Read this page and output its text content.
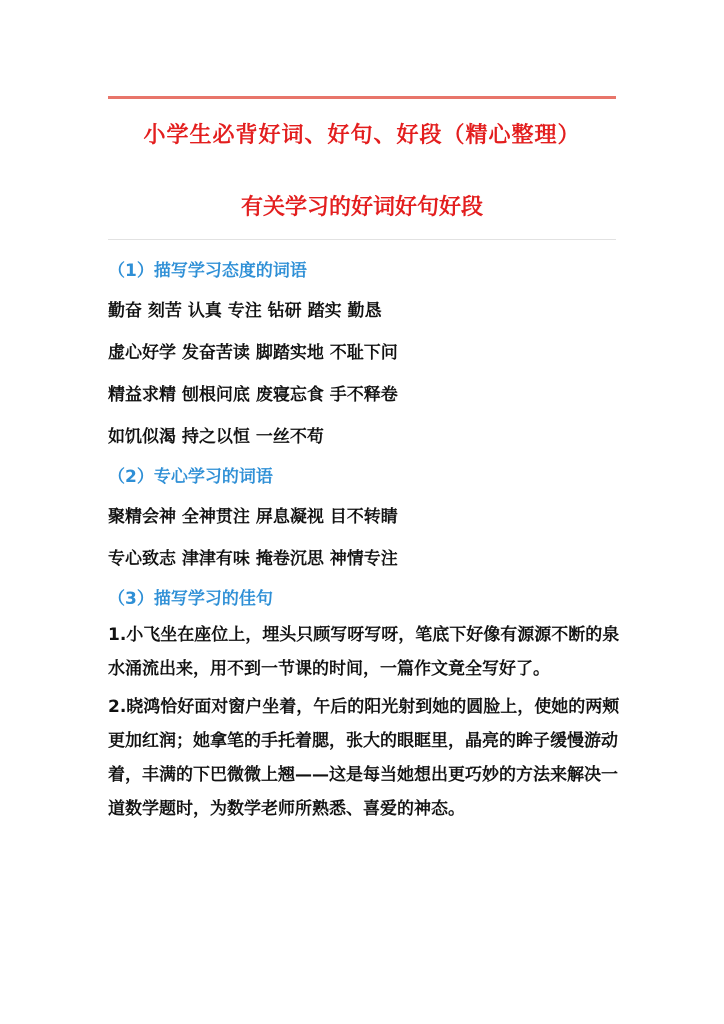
小学生必背好词、好句、好段（精心整理）
有关学习的好词好句好段
（1）描写学习态度的词语
勤奋 刻苦 认真 专注 钻研 踏实 勤恳
虚心好学 发奋苦读 脚踏实地 不耻下问
精益求精 刨根问底 废寝忘食 手不释卷
如饥似渴 持之以恒 一丝不苟
（2）专心学习的词语
聚精会神 全神贯注 屏息凝视 目不转睛
专心致志 津津有味 掩卷沉思 神情专注
（3）描写学习的佳句

1.小飞坐在座位上，埋头只顾写呀写呀，笔底下好像有源源不断的泉水涌流出来，用不到一节课的时间，一篇作文竟全写好了。

2.晓鸿恰好面对窗户坐着，午后的阳光射到她的圆脸上，使她的两颊更加红润；她拿笔的手托着腮，张大的眼眶里，晶亮的眸子缓慢游动着，丰满的下巴微微上翘——这是每当她想出更巧妙的方法来解决一道数学题时，为数学老师所熟悉、喜爱的神态。
